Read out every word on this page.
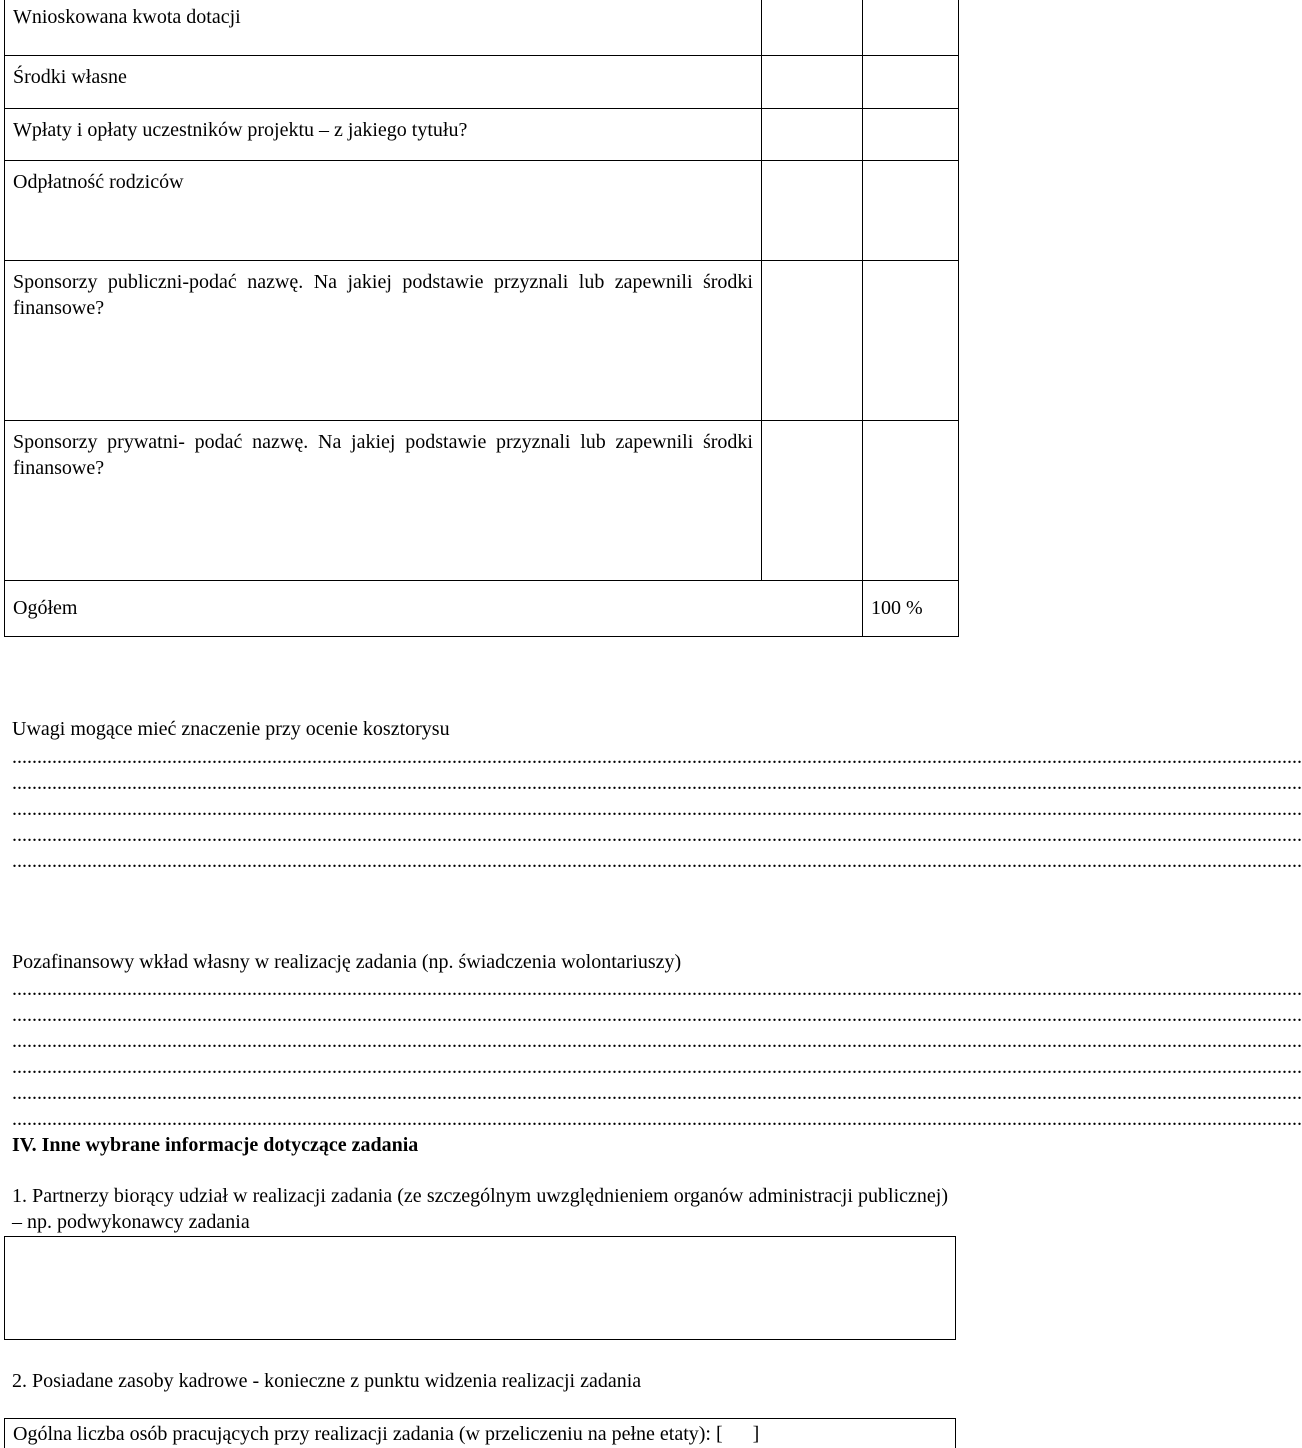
Wnioskowana kwota dotacji		
Środki własne		
Wpłaty i opłaty uczestników projektu – z jakiego tytułu?		
Odpłatność rodziców		
Sponsorzy publiczni-podać nazwę. Na jakiej podstawie przyznali lub zapewnili środki finansowe?		
Sponsorzy prywatni- podać nazwę. Na jakiej podstawie przyznali lub zapewnili środki finansowe?		
Ogółem		100 %
Uwagi mogące mieć znaczenie przy ocenie kosztorysu
..................................................................................................................................................................................................................................................................
..................................................................................................................................................................................................................................................................
..................................................................................................................................................................................................................................................................
..................................................................................................................................................................................................................................................................
..................................................................................................................................................................................................................................................................
Pozafinansowy wkład własny w realizację zadania (np. świadczenia wolontariuszy)
..................................................................................................................................................................................................................................................................
..................................................................................................................................................................................................................................................................
..................................................................................................................................................................................................................................................................
..................................................................................................................................................................................................................................................................
..................................................................................................................................................................................................................................................................
..................................................................................................................................................................................................................................................................
IV. Inne wybrane informacje dotyczące zadania
1. Partnerzy biorący udział w realizacji zadania (ze szczególnym uwzględnieniem organów administracji publicznej) – np. podwykonawcy zadania
2. Posiadane zasoby kadrowe - konieczne z punktu widzenia realizacji zadania
Ogólna liczba osób pracujących przy realizacji zadania (w przeliczeniu na pełne etaty): [      ]
